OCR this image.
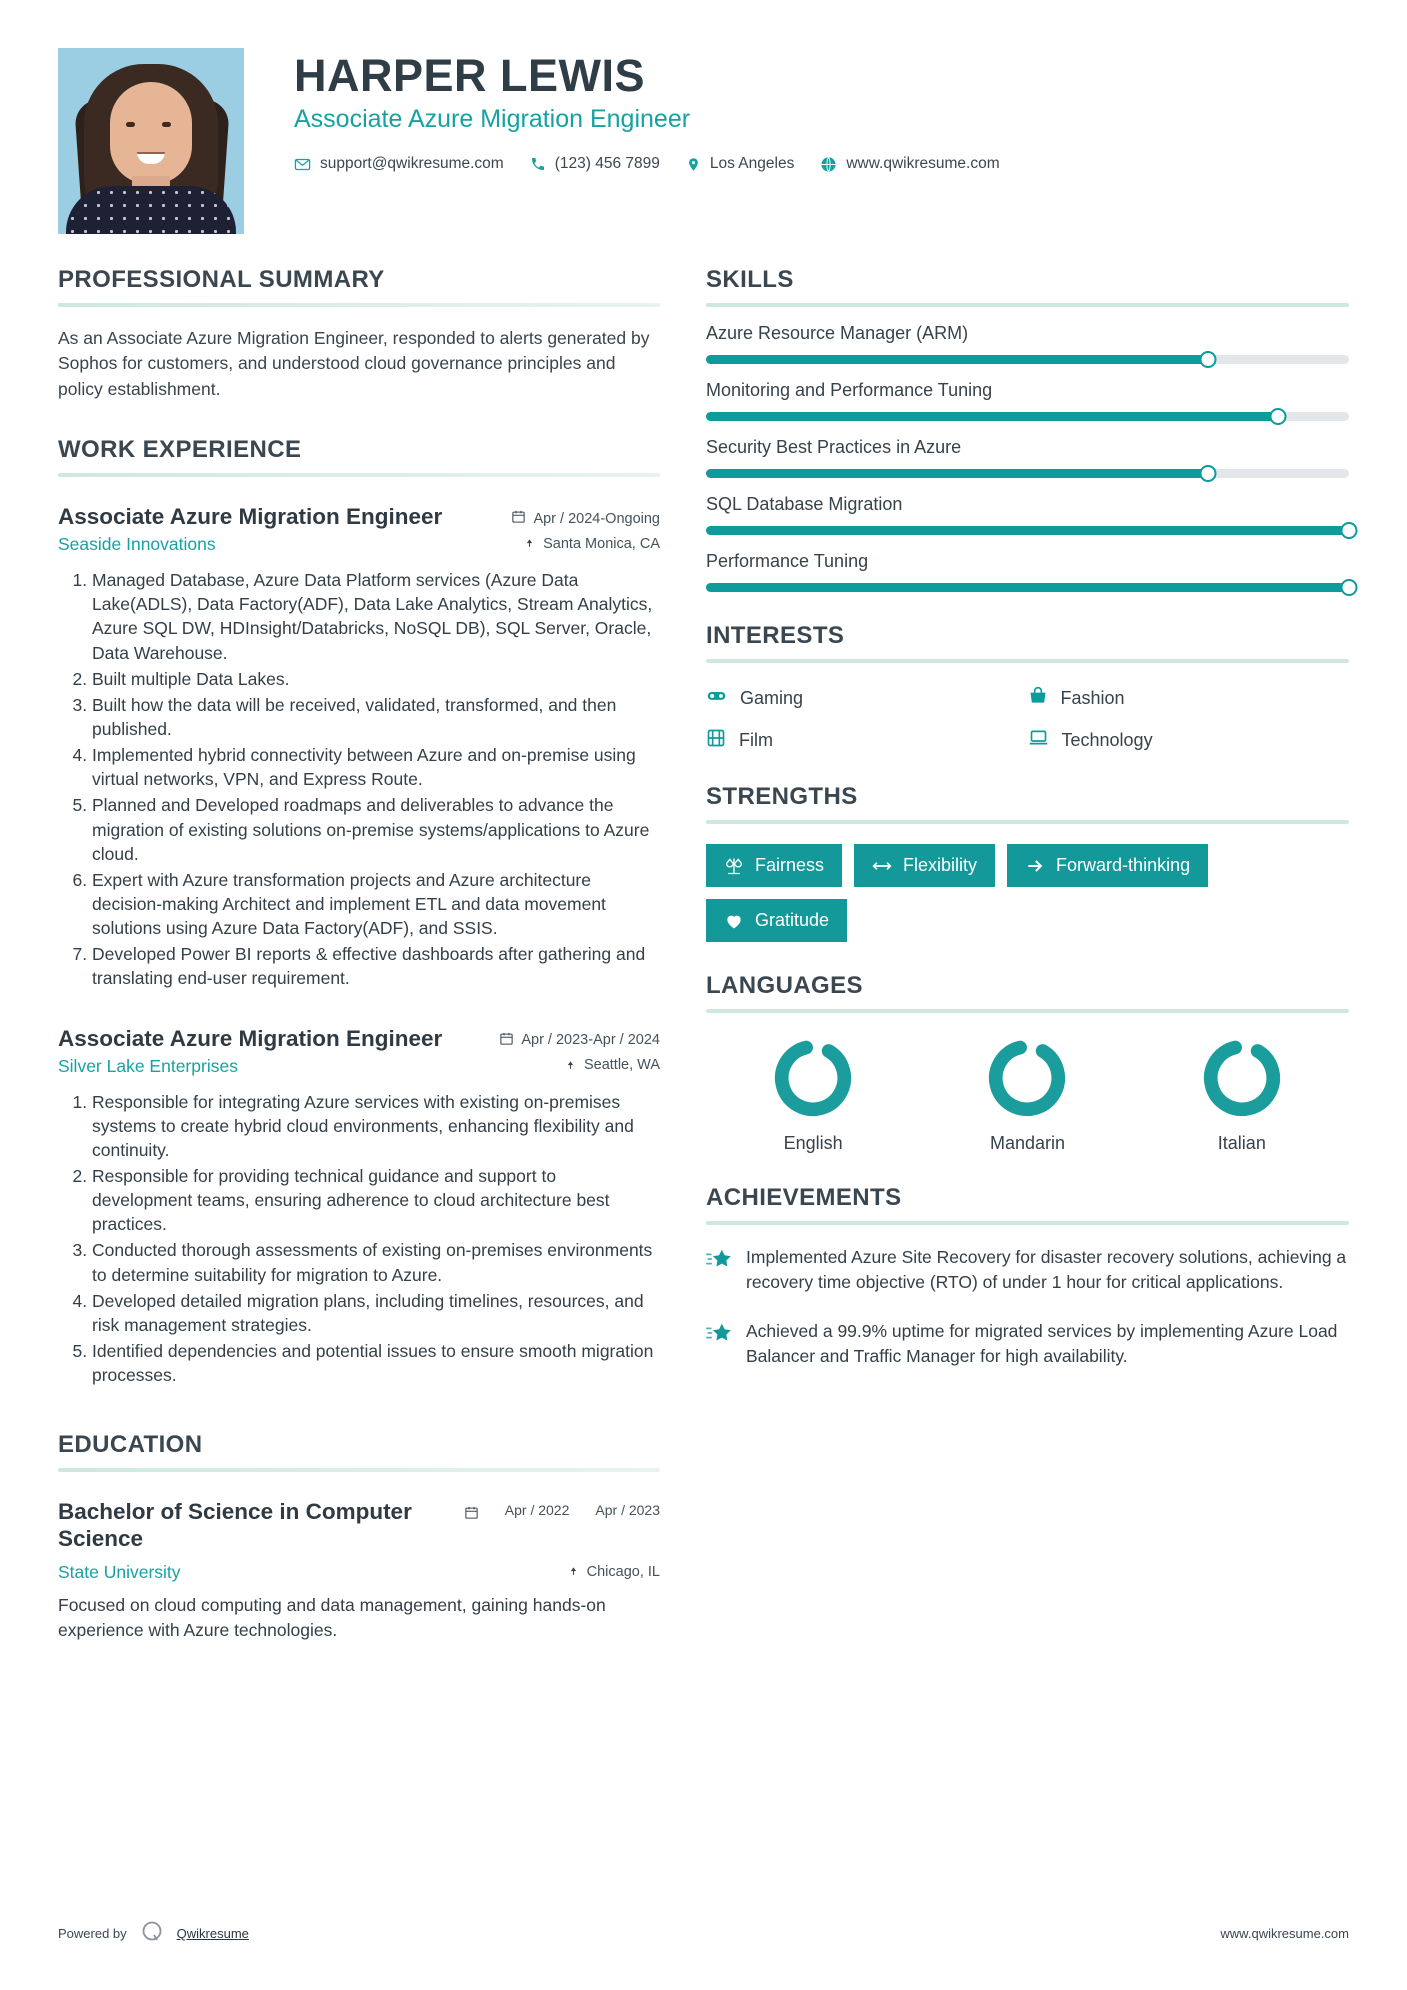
HARPER LEWIS
Associate Azure Migration Engineer
support@qwikresume.com	(123) 456 7899	Los Angeles	www.qwikresume.com
PROFESSIONAL SUMMARY
As an Associate Azure Migration Engineer, responded to alerts generated by Sophos for customers, and understood cloud governance principles and policy establishment.
WORK EXPERIENCE
Associate Azure Migration Engineer	Apr / 2024-Ongoing
Seaside Innovations	Santa Monica, CA
1. Managed Database, Azure Data Platform services (Azure Data Lake(ADLS), Data Factory(ADF), Data Lake Analytics, Stream Analytics, Azure SQL DW, HDInsight/Databricks, NoSQL DB), SQL Server, Oracle, Data Warehouse.
2. Built multiple Data Lakes.
3. Built how the data will be received, validated, transformed, and then published.
4. Implemented hybrid connectivity between Azure and on-premise using virtual networks, VPN, and Express Route.
5. Planned and Developed roadmaps and deliverables to advance the migration of existing solutions on-premise systems/applications to Azure cloud.
6. Expert with Azure transformation projects and Azure architecture decision-making Architect and implement ETL and data movement solutions using Azure Data Factory(ADF), and SSIS.
7. Developed Power BI reports & effective dashboards after gathering and translating end-user requirement.
Associate Azure Migration Engineer	Apr / 2023-Apr / 2024
Silver Lake Enterprises	Seattle, WA
1. Responsible for integrating Azure services with existing on-premises systems to create hybrid cloud environments, enhancing flexibility and continuity.
2. Responsible for providing technical guidance and support to development teams, ensuring adherence to cloud architecture best practices.
3. Conducted thorough assessments of existing on-premises environments to determine suitability for migration to Azure.
4. Developed detailed migration plans, including timelines, resources, and risk management strategies.
5. Identified dependencies and potential issues to ensure smooth migration processes.
EDUCATION
Bachelor of Science in Computer Science
Apr / 2022 Apr / 2023
State University	Chicago, IL
Focused on cloud computing and data management, gaining hands-on experience with Azure technologies.
SKILLS
Azure Resource Manager (ARM)
Monitoring and Performance Tuning
Security Best Practices in Azure
SQL Database Migration
Performance Tuning
INTERESTS
Gaming	Fashion
Film	Technology
STRENGTHS
Fairness	Flexibility	Forward-thinking
Gratitude
LANGUAGES
English	Mandarin	Italian
ACHIEVEMENTS
Implemented Azure Site Recovery for disaster recovery solutions, achieving a recovery time objective (RTO) of under 1 hour for critical applications.
Achieved a 99.9% uptime for migrated services by implementing Azure Load Balancer and Traffic Manager for high availability.
Powered by	Qwikresume	www.qwikresume.com
